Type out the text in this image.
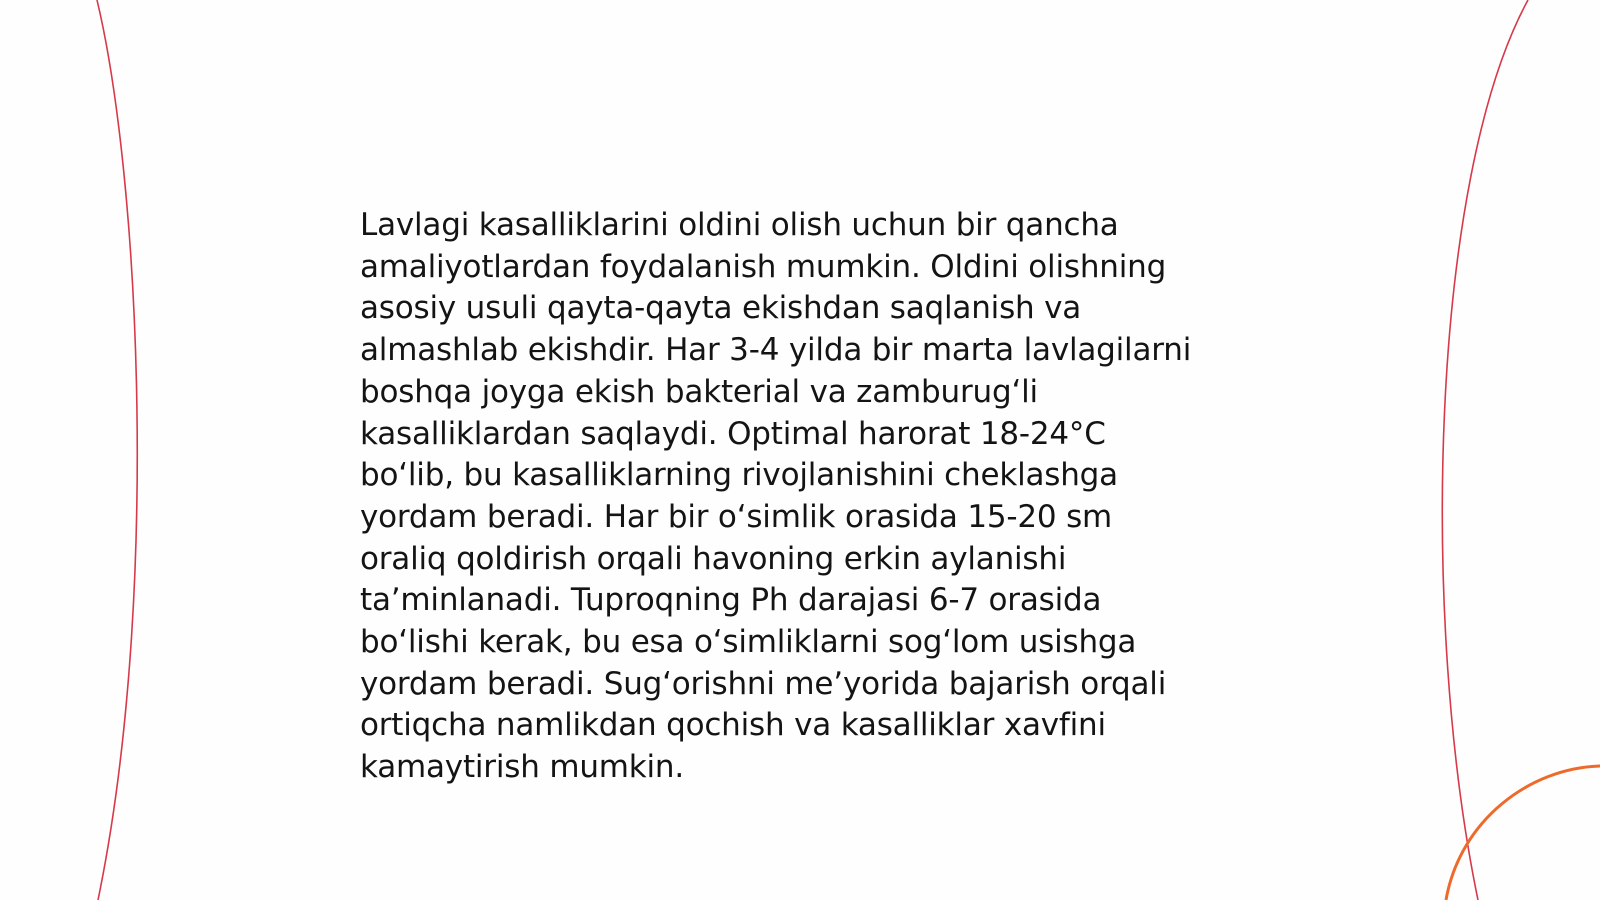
Lavlagi kasalliklarini oldini olish uchun bir qancha
amaliyotlardan foydalanish mumkin. Oldini olishning
asosiy usuli qayta-qayta ekishdan saqlanish va
almashlab ekishdir. Har 3-4 yilda bir marta lavlagilarni
boshqa joyga ekish bakterial va zamburug‘li
kasalliklardan saqlaydi. Optimal harorat 18-24°C
bo‘lib, bu kasalliklarning rivojlanishini cheklashga
yordam beradi. Har bir o‘simlik orasida 15-20 sm
oraliq qoldirish orqali havoning erkin aylanishi
ta’minlanadi. Tuproqning Ph darajasi 6-7 orasida
bo‘lishi kerak, bu esa o‘simliklarni sog‘lom usishga
yordam beradi. Sug‘orishni me’yorida bajarish orqali
ortiqcha namlikdan qochish va kasalliklar xavfini
kamaytirish mumkin.
